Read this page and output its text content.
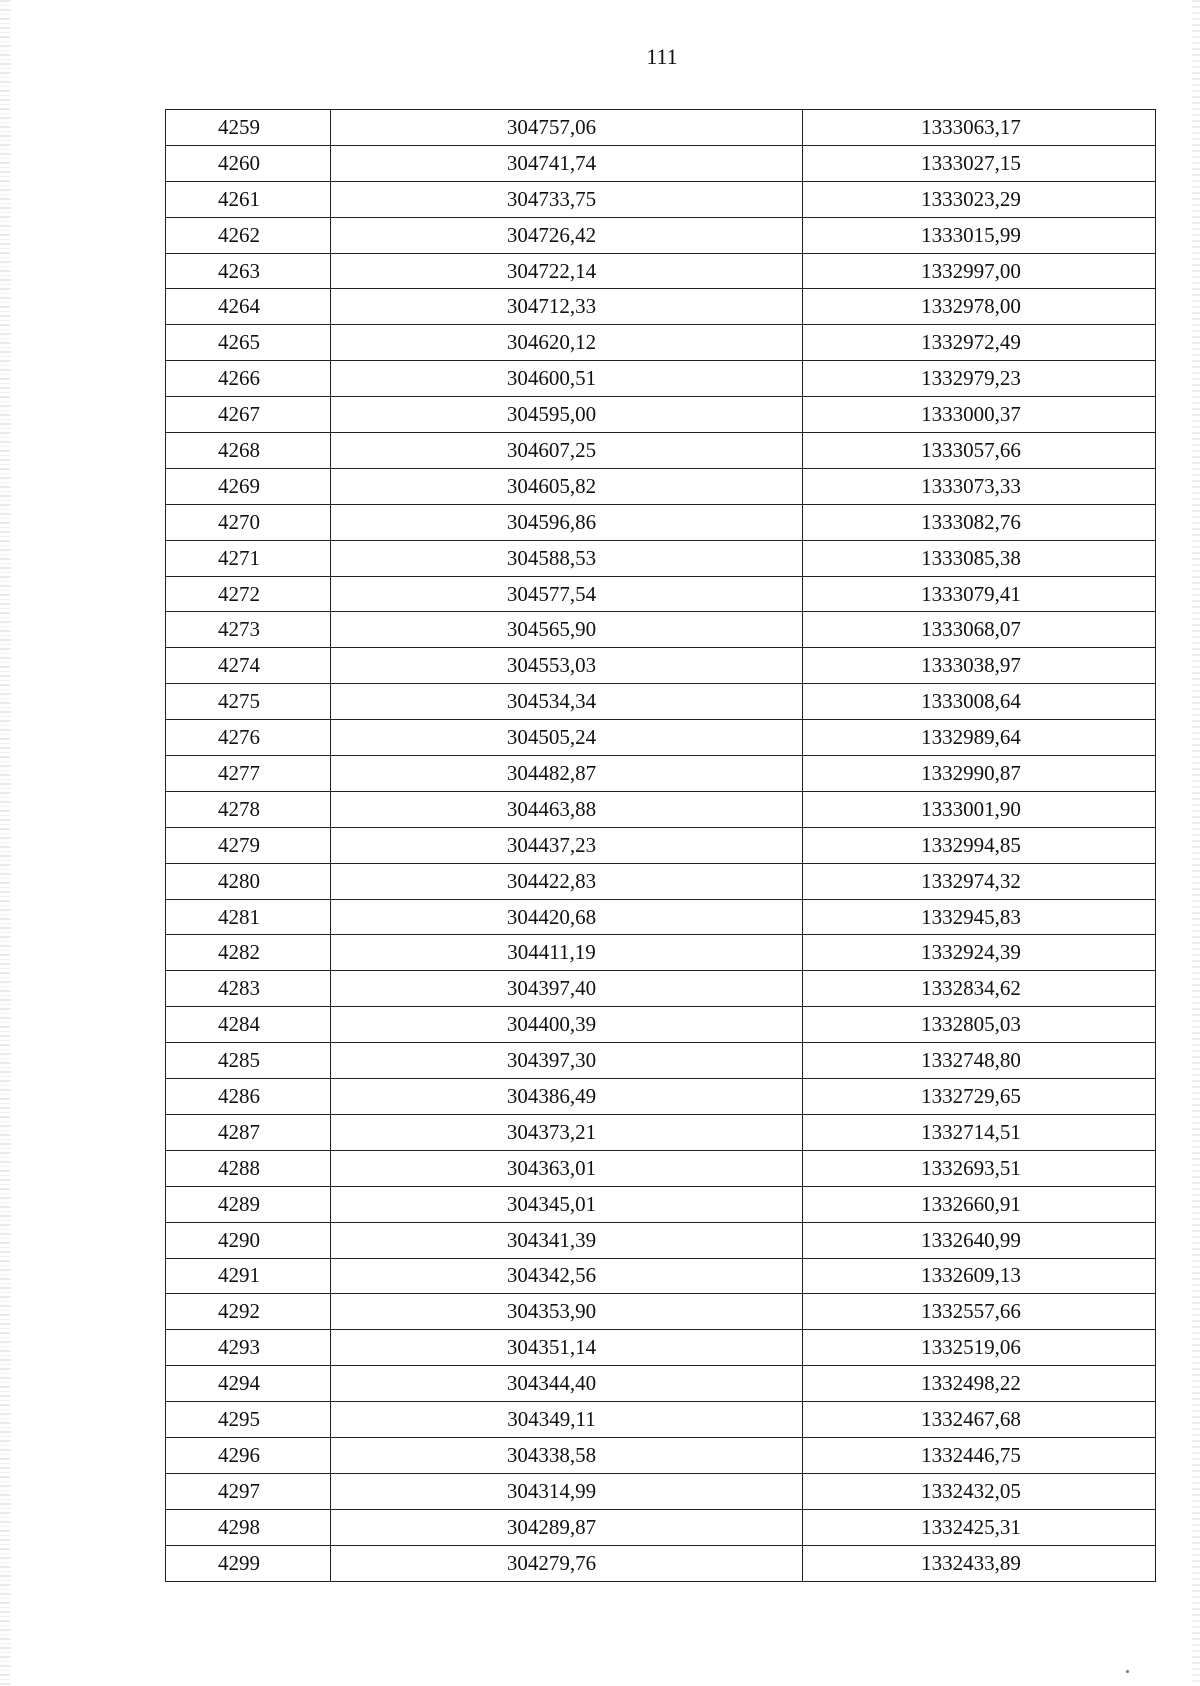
111
4259	304757,06	1333063,17
4260	304741,74	1333027,15
4261	304733,75	1333023,29
4262	304726,42	1333015,99
4263	304722,14	1332997,00
4264	304712,33	1332978,00
4265	304620,12	1332972,49
4266	304600,51	1332979,23
4267	304595,00	1333000,37
4268	304607,25	1333057,66
4269	304605,82	1333073,33
4270	304596,86	1333082,76
4271	304588,53	1333085,38
4272	304577,54	1333079,41
4273	304565,90	1333068,07
4274	304553,03	1333038,97
4275	304534,34	1333008,64
4276	304505,24	1332989,64
4277	304482,87	1332990,87
4278	304463,88	1333001,90
4279	304437,23	1332994,85
4280	304422,83	1332974,32
4281	304420,68	1332945,83
4282	304411,19	1332924,39
4283	304397,40	1332834,62
4284	304400,39	1332805,03
4285	304397,30	1332748,80
4286	304386,49	1332729,65
4287	304373,21	1332714,51
4288	304363,01	1332693,51
4289	304345,01	1332660,91
4290	304341,39	1332640,99
4291	304342,56	1332609,13
4292	304353,90	1332557,66
4293	304351,14	1332519,06
4294	304344,40	1332498,22
4295	304349,11	1332467,68
4296	304338,58	1332446,75
4297	304314,99	1332432,05
4298	304289,87	1332425,31
4299	304279,76	1332433,89
